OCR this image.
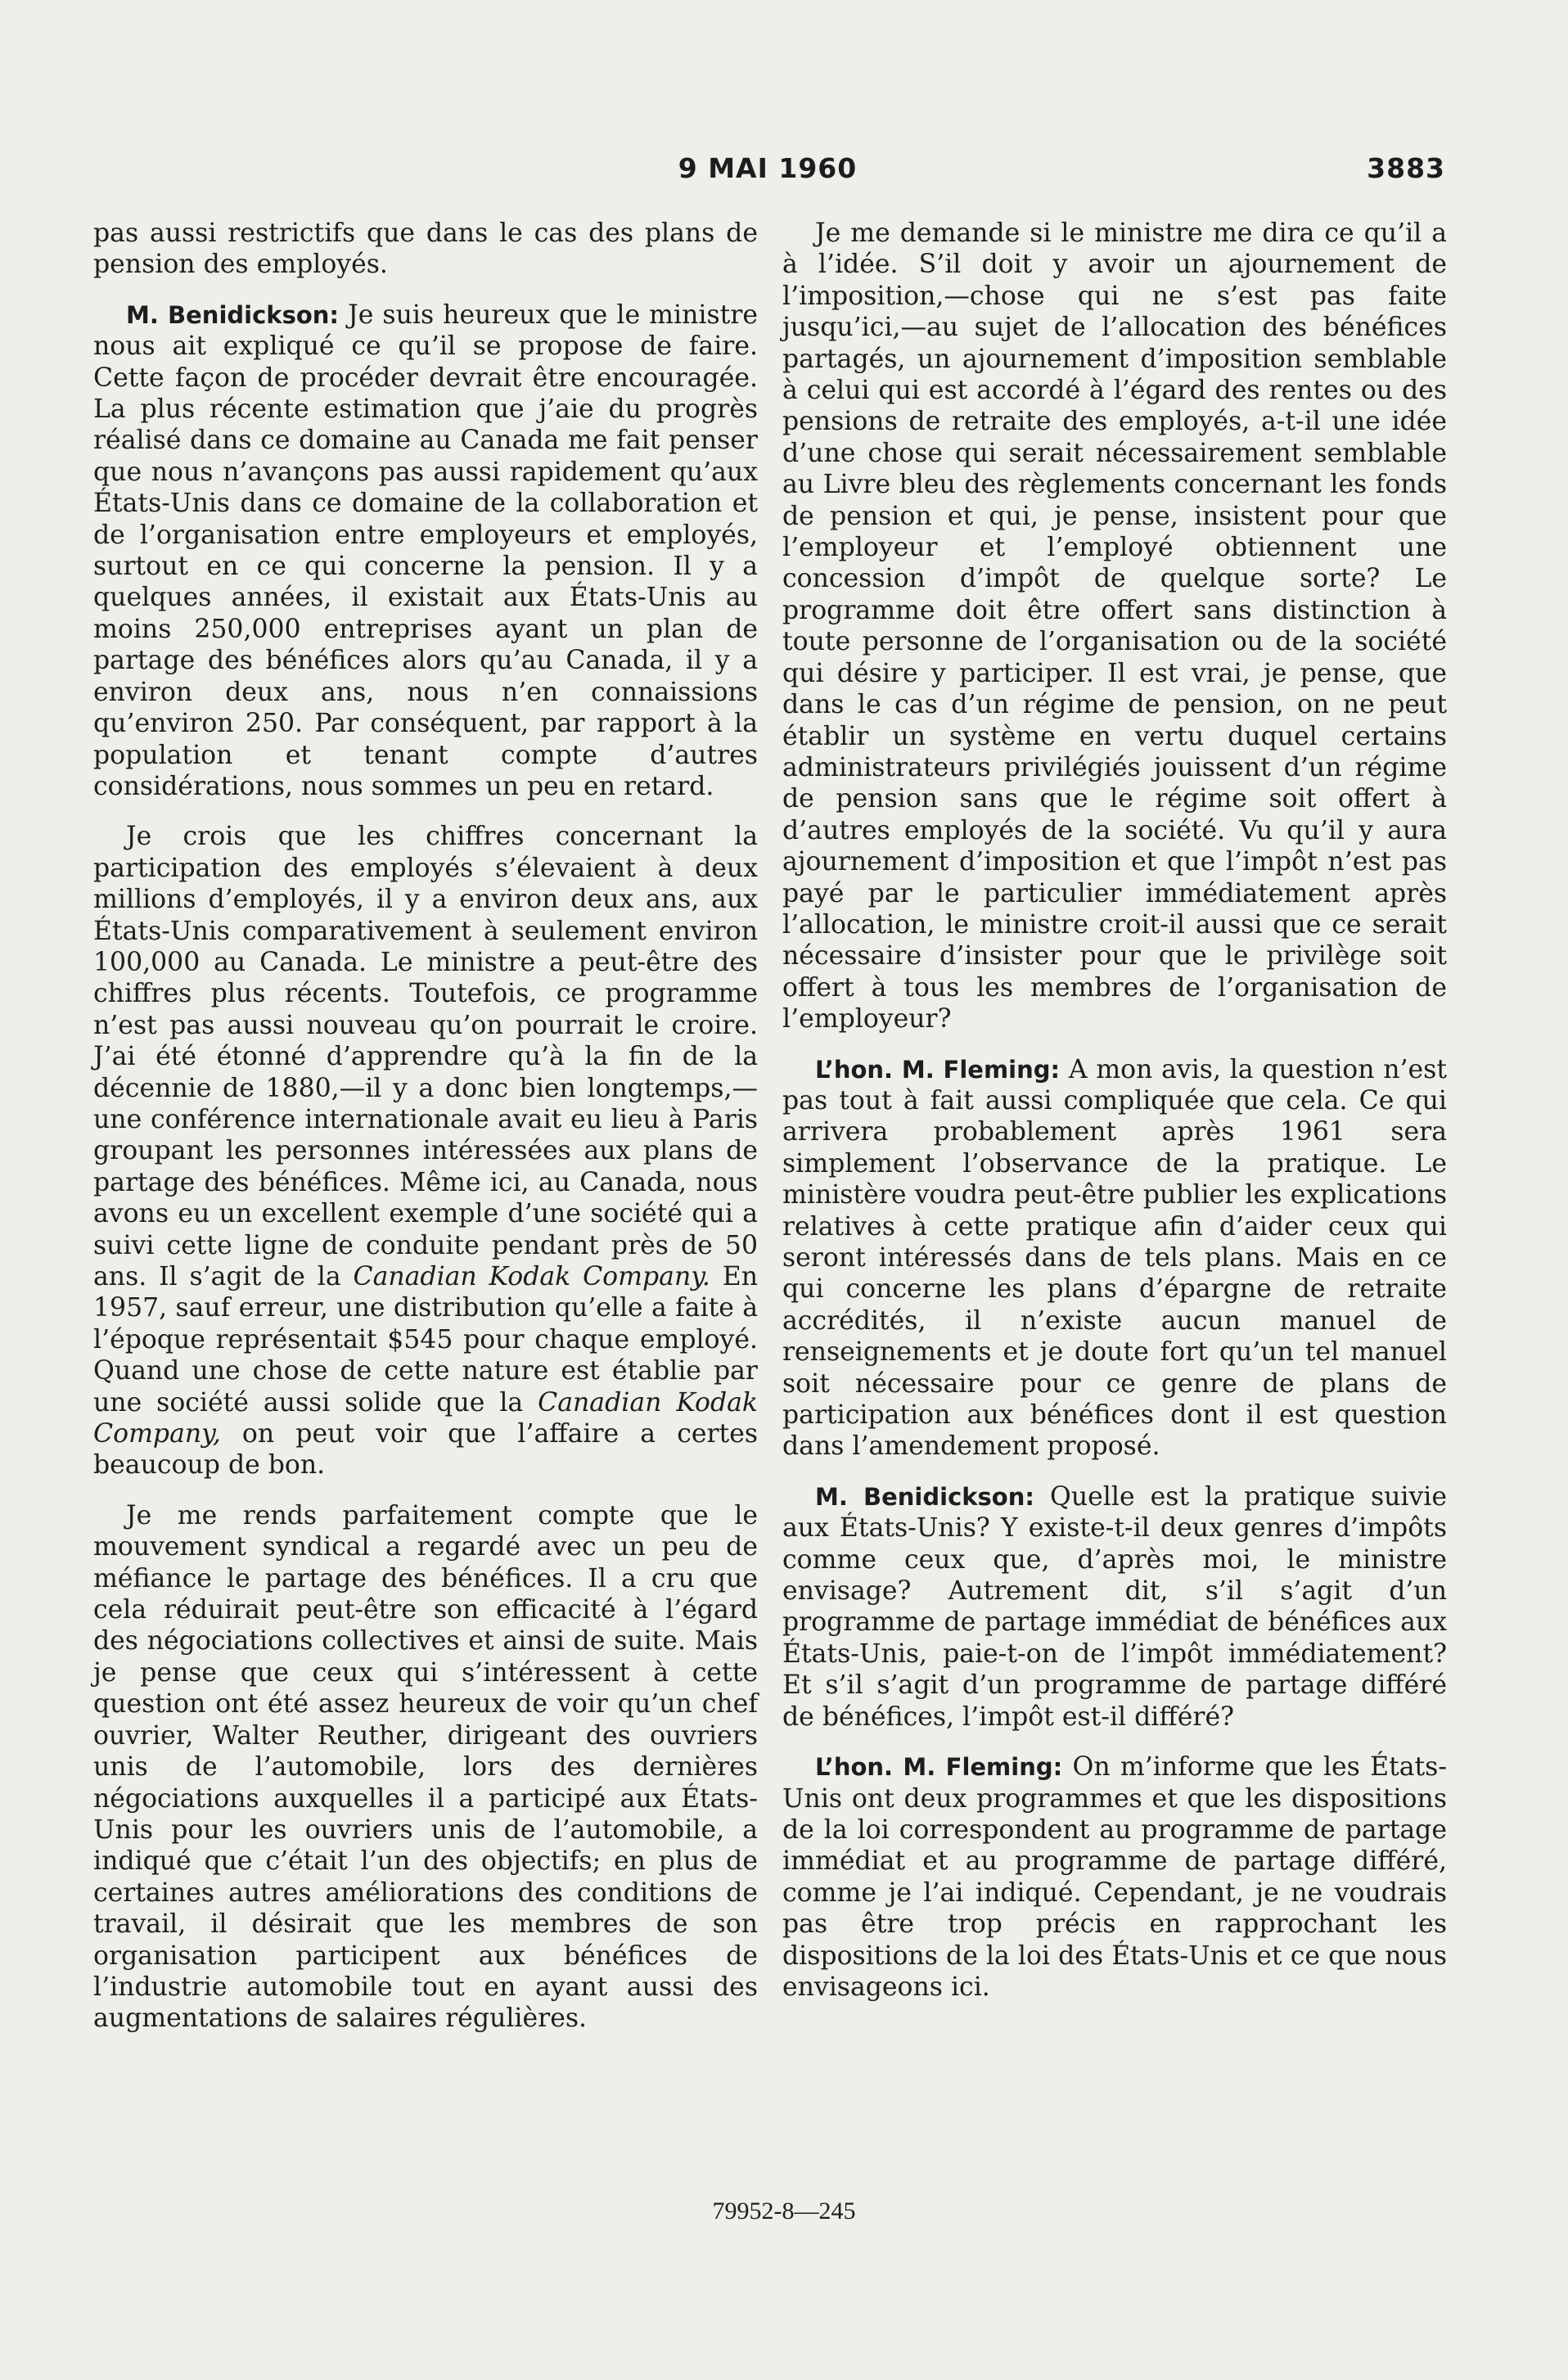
9 MAI 1960	3883

pas aussi restrictifs que dans le cas des plans de pension des employés.

M. Benidickson: Je suis heureux que le ministre nous ait expliqué ce qu’il se propose de faire. Cette façon de procéder devrait être encouragée. La plus récente estimation que j’aie du progrès réalisé dans ce domaine au Canada me fait penser que nous n’avançons pas aussi rapidement qu’aux États-Unis dans ce domaine de la collaboration et de l’organisation entre employeurs et employés, surtout en ce qui concerne la pension. Il y a quelques années, il existait aux États-Unis au moins 250,000 entreprises ayant un plan de partage des bénéfices alors qu’au Canada, il y a environ deux ans, nous n’en connaissions qu’environ 250. Par conséquent, par rapport à la population et tenant compte d’autres considérations, nous sommes un peu en retard.

Je crois que les chiffres concernant la participation des employés s’élevaient à deux millions d’employés, il y a environ deux ans, aux États-Unis comparativement à seulement environ 100,000 au Canada. Le ministre a peut-être des chiffres plus récents. Toutefois, ce programme n’est pas aussi nouveau qu’on pourrait le croire. J’ai été étonné d’apprendre qu’à la fin de la décennie de 1880,—il y a donc bien longtemps,—une conférence internationale avait eu lieu à Paris groupant les personnes intéressées aux plans de partage des bénéfices. Même ici, au Canada, nous avons eu un excellent exemple d’une société qui a suivi cette ligne de conduite pendant près de 50 ans. Il s’agit de la Canadian Kodak Company. En 1957, sauf erreur, une distribution qu’elle a faite à l’époque représentait $545 pour chaque employé. Quand une chose de cette nature est établie par une société aussi solide que la Canadian Kodak Company, on peut voir que l’affaire a certes beaucoup de bon.

Je me rends parfaitement compte que le mouvement syndical a regardé avec un peu de méfiance le partage des bénéfices. Il a cru que cela réduirait peut-être son efficacité à l’égard des négociations collectives et ainsi de suite. Mais je pense que ceux qui s’intéressent à cette question ont été assez heureux de voir qu’un chef ouvrier, Walter Reuther, dirigeant des ouvriers unis de l’automobile, lors des dernières négociations auxquelles il a participé aux États-Unis pour les ouvriers unis de l’automobile, a indiqué que c’était l’un des objectifs; en plus de certaines autres améliorations des conditions de travail, il désirait que les membres de son organisation participent aux bénéfices de l’industrie automobile tout en ayant aussi des augmentations de salaires régulières.

Je me demande si le ministre me dira ce qu’il a à l’idée. S’il doit y avoir un ajournement de l’imposition,—chose qui ne s’est pas faite jusqu’ici,—au sujet de l’allocation des bénéfices partagés, un ajournement d’imposition semblable à celui qui est accordé à l’égard des rentes ou des pensions de retraite des employés, a-t-il une idée d’une chose qui serait nécessairement semblable au Livre bleu des règlements concernant les fonds de pension et qui, je pense, insistent pour que l’employeur et l’employé obtiennent une concession d’impôt de quelque sorte? Le programme doit être offert sans distinction à toute personne de l’organisation ou de la société qui désire y participer. Il est vrai, je pense, que dans le cas d’un régime de pension, on ne peut établir un système en vertu duquel certains administrateurs privilégiés jouissent d’un régime de pension sans que le régime soit offert à d’autres employés de la société. Vu qu’il y aura ajournement d’imposition et que l’impôt n’est pas payé par le particulier immédiatement après l’allocation, le ministre croit-il aussi que ce serait nécessaire d’insister pour que le privilège soit offert à tous les membres de l’organisation de l’employeur?

L’hon. M. Fleming: A mon avis, la question n’est pas tout à fait aussi compliquée que cela. Ce qui arrivera probablement après 1961 sera simplement l’observance de la pratique. Le ministère voudra peut-être publier les explications relatives à cette pratique afin d’aider ceux qui seront intéressés dans de tels plans. Mais en ce qui concerne les plans d’épargne de retraite accrédités, il n’existe aucun manuel de renseignements et je doute fort qu’un tel manuel soit nécessaire pour ce genre de plans de participation aux bénéfices dont il est question dans l’amendement proposé.

M. Benidickson: Quelle est la pratique suivie aux États-Unis? Y existe-t-il deux genres d’impôts comme ceux que, d’après moi, le ministre envisage? Autrement dit, s’il s’agit d’un programme de partage immédiat de bénéfices aux États-Unis, paie-t-on de l’impôt immédiatement? Et s’il s’agit d’un programme de partage différé de bénéfices, l’impôt est-il différé?

L’hon. M. Fleming: On m’informe que les États-Unis ont deux programmes et que les dispositions de la loi correspondent au programme de partage immédiat et au programme de partage différé, comme je l’ai indiqué. Cependant, je ne voudrais pas être trop précis en rapprochant les dispositions de la loi des États-Unis et ce que nous envisageons ici.

79952-8—245
